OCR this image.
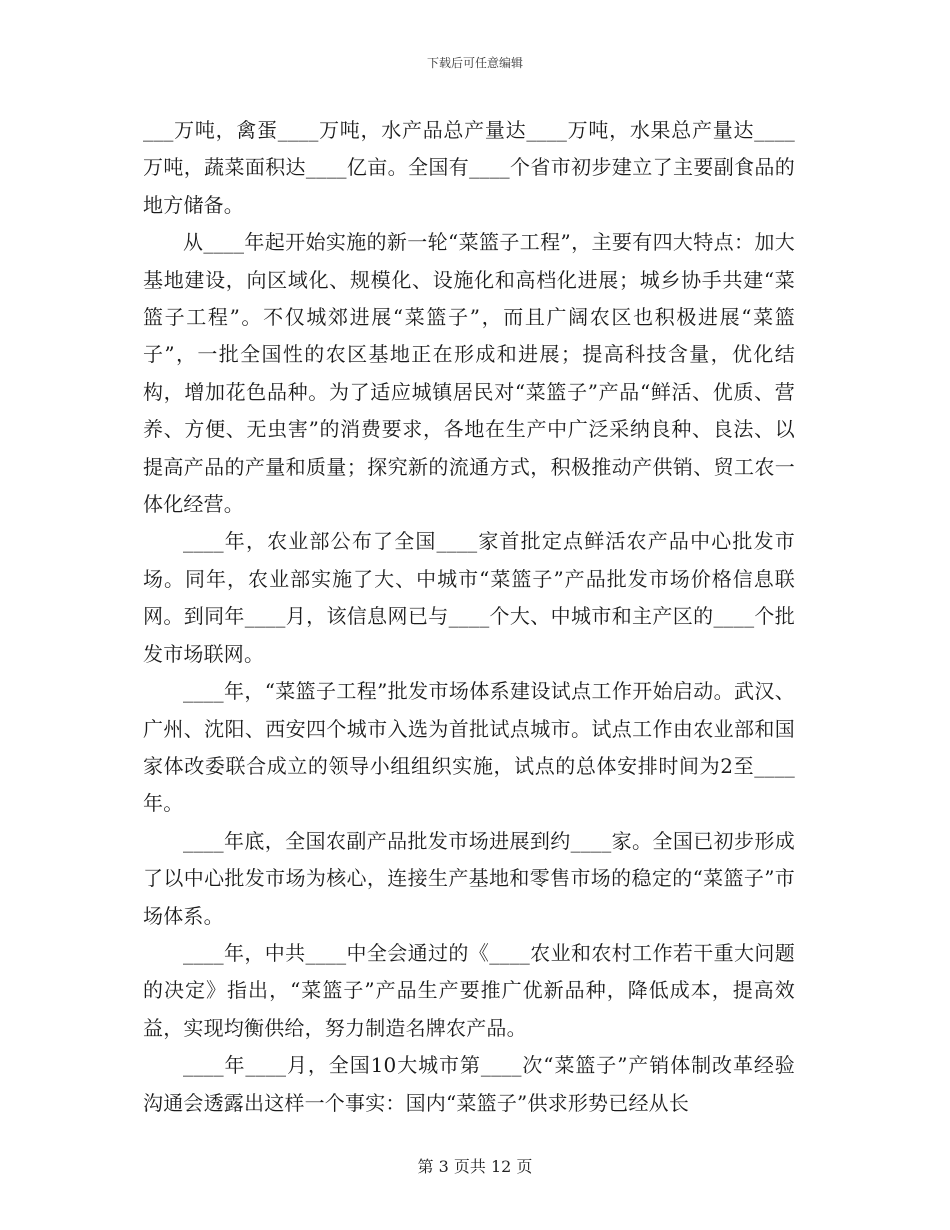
下载后可任意编辑

___万吨，禽蛋____万吨，水产品总产量达____万吨，水果总产量达____万吨，蔬菜面积达____亿亩。全国有____个省市初步建立了主要副食品的地方储备。

从____年起开始实施的新一轮“菜篮子工程”，主要有四大特点：加大基地建设，向区域化、规模化、设施化和高档化进展；城乡协手共建“菜篮子工程”。不仅城郊进展“菜篮子”，而且广阔农区也积极进展“菜篮子”，一批全国性的农区基地正在形成和进展；提高科技含量，优化结构，增加花色品种。为了适应城镇居民对“菜篮子”产品“鲜活、优质、营养、方便、无虫害”的消费要求，各地在生产中广泛采纳良种、良法、以提高产品的产量和质量；探究新的流通方式，积极推动产供销、贸工农一体化经营。

____年，农业部公布了全国____家首批定点鲜活农产品中心批发市场。同年，农业部实施了大、中城市“菜篮子”产品批发市场价格信息联网。到同年____月，该信息网已与____个大、中城市和主产区的____个批发市场联网。

____年，“菜篮子工程”批发市场体系建设试点工作开始启动。武汉、广州、沈阳、西安四个城市入选为首批试点城市。试点工作由农业部和国家体改委联合成立的领导小组组织实施，试点的总体安排时间为2至____年。

____年底，全国农副产品批发市场进展到约____家。全国已初步形成了以中心批发市场为核心，连接生产基地和零售市场的稳定的“菜篮子”市场体系。

____年，中共____中全会通过的《____农业和农村工作若干重大问题的决定》指出，“菜篮子”产品生产要推广优新品种，降低成本，提高效益，实现均衡供给，努力制造名牌农产品。

____年____月，全国10大城市第____次“菜篮子”产销体制改革经验沟通会透露出这样一个事实：国内“菜篮子”供求形势已经从长

第 3 页共 12 页
